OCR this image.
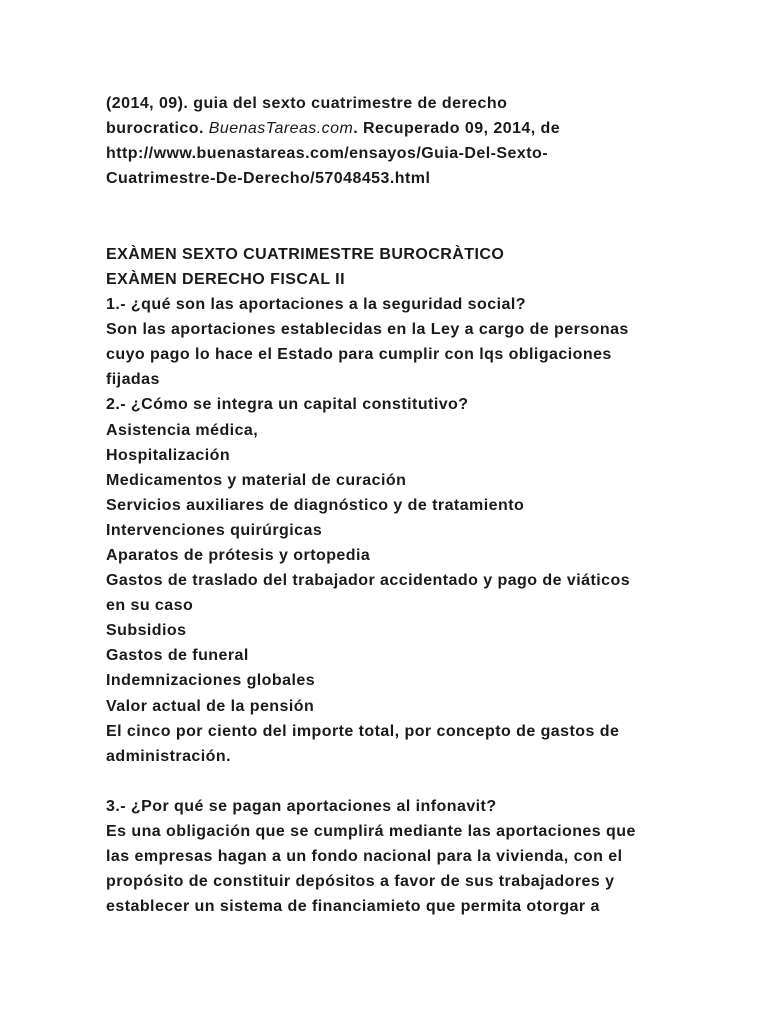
(2014, 09). guia del sexto cuatrimestre de derecho
burocratico. BuenasTareas.com. Recuperado 09, 2014, de
http://www.buenastareas.com/ensayos/Guia-Del-Sexto-
Cuatrimestre-De-Derecho/57048453.html
EXÀMEN SEXTO CUATRIMESTRE BUROCRÀTICO
EXÀMEN DERECHO FISCAL II
1.- ¿qué son las aportaciones a la seguridad social?
Son las aportaciones establecidas en la Ley a cargo de personas
cuyo pago lo hace el Estado para cumplir con lqs obligaciones
fijadas
2.- ¿Cómo se integra un capital constitutivo?
Asistencia médica,
Hospitalización
Medicamentos y material de curación
Servicios auxiliares de diagnóstico y de tratamiento
Intervenciones quirúrgicas
Aparatos de prótesis y ortopedia
Gastos de traslado del trabajador accidentado y pago de viáticos
en su caso
Subsidios
Gastos de funeral
Indemnizaciones globales
Valor actual de la pensión
El cinco por ciento del importe total, por concepto de gastos de
administración.
3.- ¿Por qué se pagan aportaciones al infonavit?
Es una obligación que se cumplirá mediante las aportaciones que
las empresas hagan a un fondo nacional para la vivienda, con el
propósito de constituir depósitos a favor de sus trabajadores y
establecer un sistema de financiamieto que permita otorgar a
